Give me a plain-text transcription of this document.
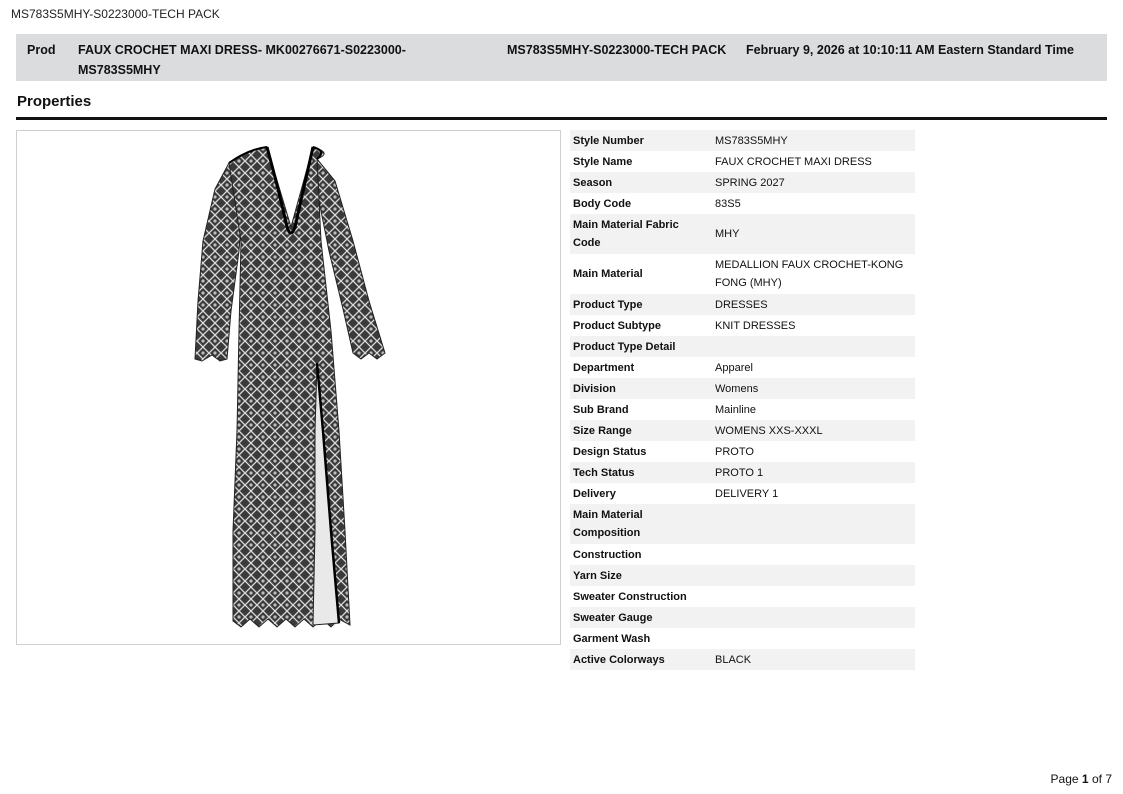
MS783S5MHY-S0223000-TECH PACK
Prod FAUX CROCHET MAXI DRESS- MK00276671-S0223000-MS783S5MHY
MS783S5MHY-S0223000-TECH PACK February 9, 2026 at 10:10:11 AM Eastern Standard Time
Properties
Style Number	MS783S5MHY
Style Name	FAUX CROCHET MAXI DRESS
Season	SPRING 2027
Body Code	83S5
Main Material Fabric Code	MHY
Main Material	MEDALLION FAUX CROCHET-KONG FONG (MHY)
Product Type	DRESSES
Product Subtype	KNIT DRESSES
Product Type Detail	
Department	Apparel
Division	Womens
Sub Brand	Mainline
Size Range	WOMENS XXS-XXXL
Design Status	PROTO
Tech Status	PROTO 1
Delivery	DELIVERY 1
Main Material Composition	
Construction	
Yarn Size	
Sweater Construction	
Sweater Gauge	
Garment Wash	
Active Colorways	BLACK
Page 1 of 7
